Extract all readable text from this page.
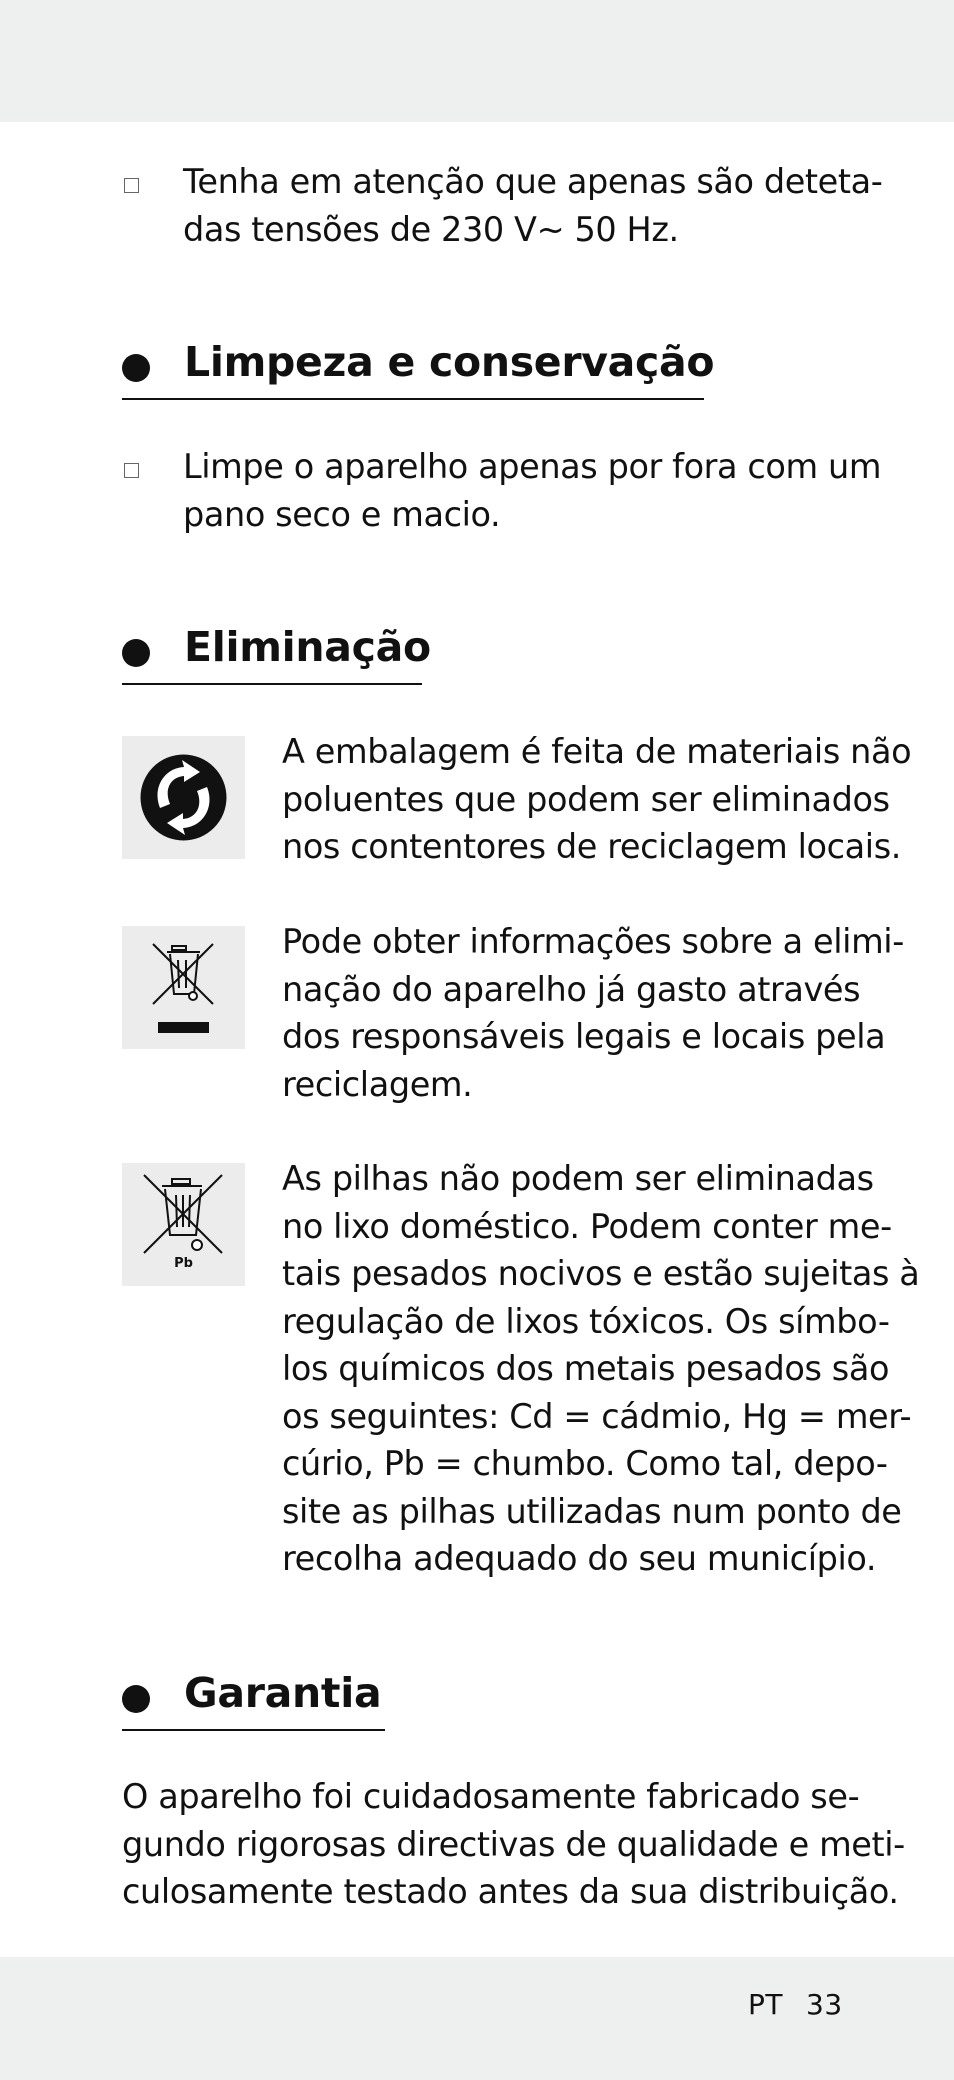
Tenha em atenção que apenas são deteta-
das tensões de 230 V~ 50 Hz.
Limpeza e conservação
Limpe o aparelho apenas por fora com um
pano seco e macio.
Eliminação
A embalagem é feita de materiais não
poluentes que podem ser eliminados
nos contentores de reciclagem locais.
Pode obter informações sobre a elimi-
nação do aparelho já gasto através
dos responsáveis legais e locais pela
reciclagem.
Pb
As pilhas não podem ser eliminadas
no lixo doméstico. Podem conter me-
tais pesados nocivos e estão sujeitas à
regulação de lixos tóxicos. Os símbo-
los químicos dos metais pesados são
os seguintes: Cd = cádmio, Hg = mer-
cúrio, Pb = chumbo. Como tal, depo-
site as pilhas utilizadas num ponto de
recolha adequado do seu município.
Garantia
O aparelho foi cuidadosamente fabricado se-
gundo rigorosas directivas de qualidade e meti-
culosamente testado antes da sua distribuição.
PT 33
